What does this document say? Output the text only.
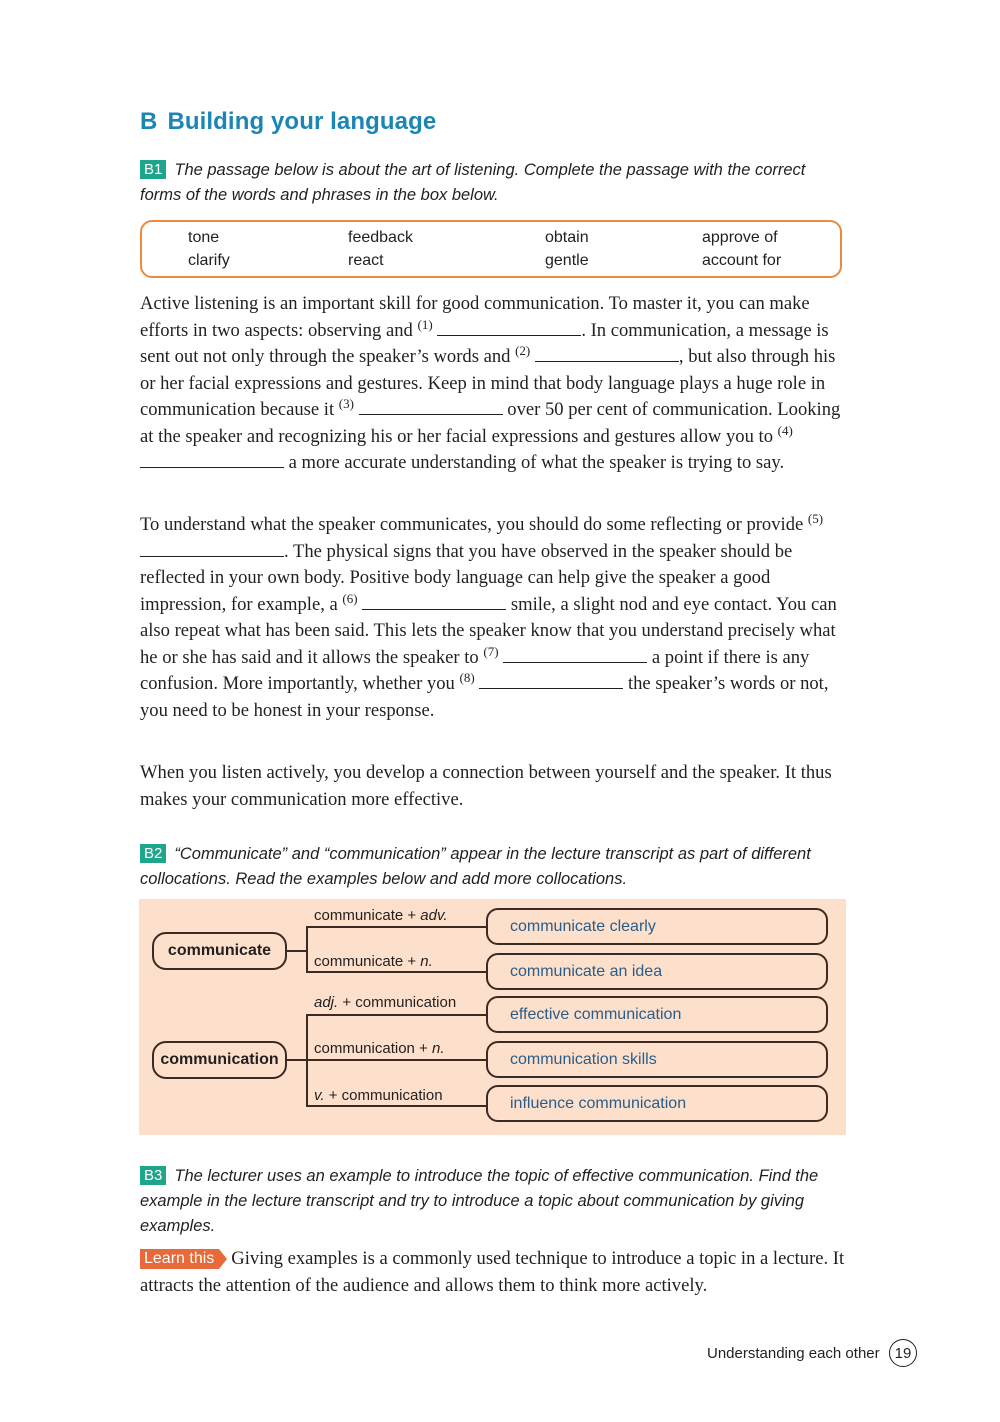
B Building your language
B1 The passage below is about the art of listening. Complete the passage with the correct forms of the words and phrases in the box below.
tone	feedback	obtain	approve of
clarify	react	gentle	account for

Active listening is an important skill for good communication. To master it, you can make efforts in two aspects: observing and $^{(1)}$	. In communication, a message is sent out not only through the speaker’s words and $^{(2)}$	, but also through his or her facial expressions and gestures. Keep in mind that body language plays a huge role in communication because it $^{(3)}$	over 50 per cent of communication. Looking at the speaker and recognizing his or her facial expressions and gestures allow you to $^{(4)}$  a more accurate understanding of what the speaker is trying to say.

To understand what the speaker communicates, you should do some reflecting or provide $^{(5)}$ . The physical signs that you have observed in the speaker should be reflected in your own body. Positive body language can help give the speaker a good impression, for example, a $^{(6)}$	smile, a slight nod and eye contact. You can also repeat what has been said. This lets the speaker know that you understand precisely what he or she has said and it allows the speaker to $^{(7)}$	a point if there is any confusion. More importantly, whether you $^{(8)}$	the speaker’s words or not, you need to be honest in your response.

When you listen actively, you develop a connection between yourself and the speaker. It thus makes your communication more effective.

B2 “Communicate” and “communication” appear in the lecture transcript as part of different collocations. Read the examples below and add more collocations.
communicate
communication
communicate + adv.
communicate + n.
adj. + communication
communication + n.
v. + communication
communicate clearly
communicate an idea
effective communication
communication skills
influence communication
B3 The lecturer uses an example to introduce the topic of effective communication. Find the example in the lecture transcript and try to introduce a topic about communication by giving examples.

Learn this Giving examples is a commonly used technique to introduce a topic in a lecture. It attracts the attention of the audience and allows them to think more actively.

Understanding each other	19
